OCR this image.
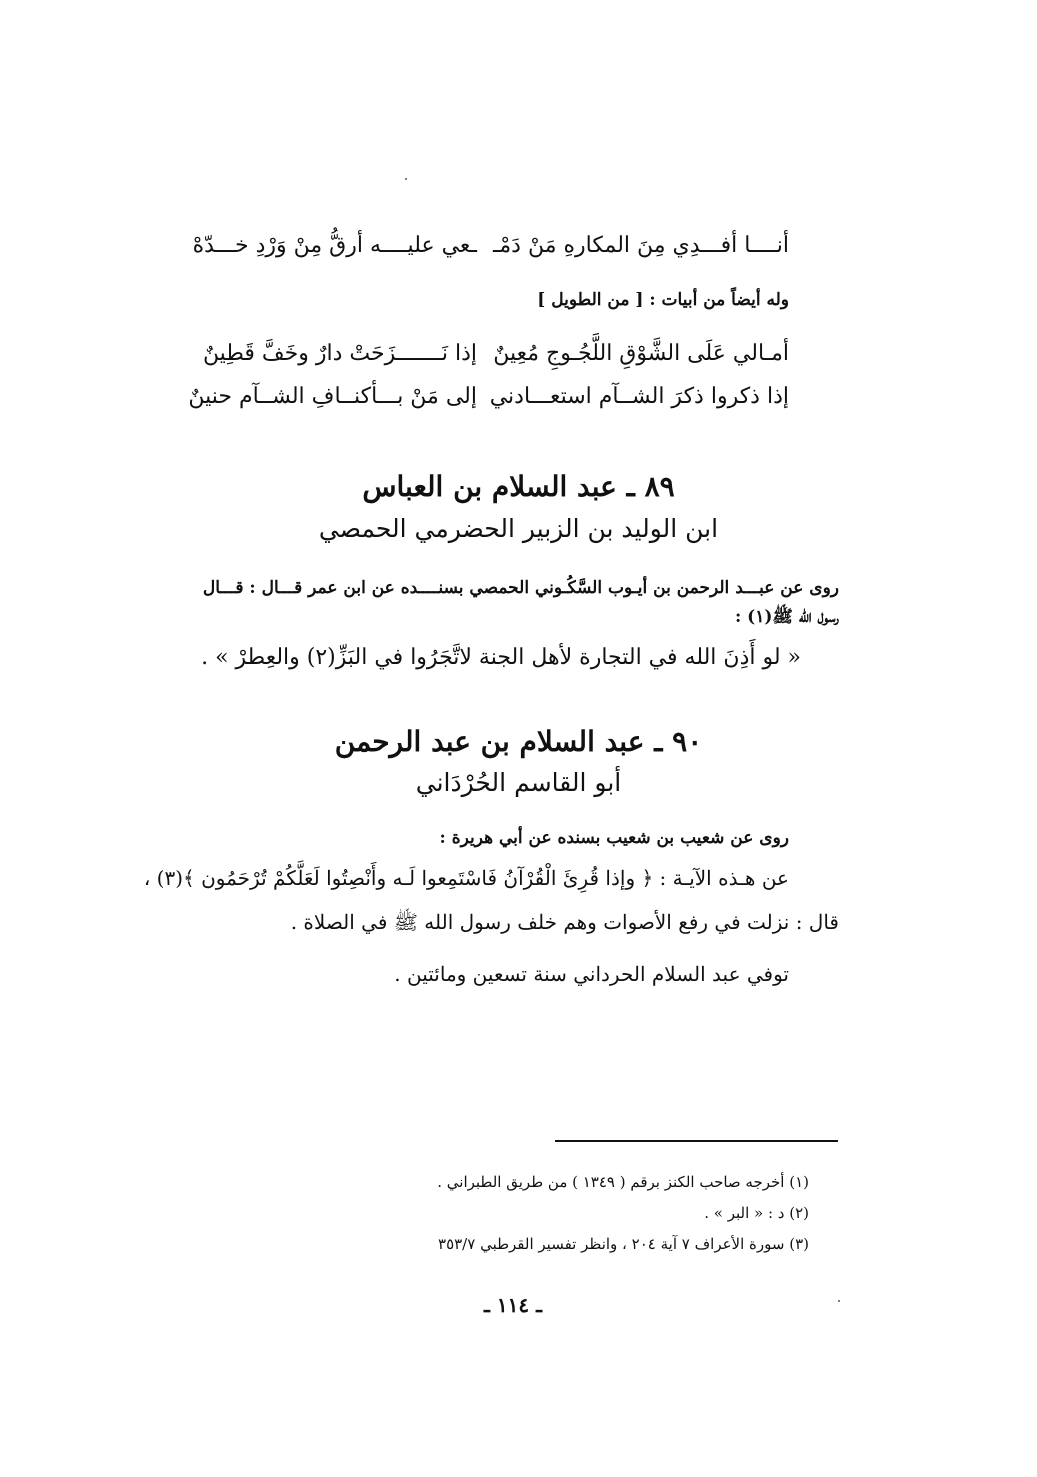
أنــــا أفـــدِي مِنَ المكارهِ مَنْ دَمْـ
ـعي عليــــه أرقُّ مِنْ وَرْدِ خـــدّهْ
وله أيضاً من أبيات : [ من الطويل ]
أمـالي عَلَى الشَّوْقِ اللَّجُـوجِ مُعِينٌ
إذا نَـــــــزَحَتْ دارٌ وخَفَّ قَطِينٌ
إذا ذكروا ذكرَ الشــآم استعـــادني
إلى مَنْ بـــأكنــافِ الشــآم حنينٌ
٨٩ ـ عبد السلام بن العباس
ابن الوليد بن الزبير الحضرمي الحمصي
روى عن عبـــد الرحمن بن أيـوب السَّكُـوني الحمصي بسنــــده عن ابن عمر قـــال : قـــال
رسول الله ﷺ(١) :
« لو أَذِنَ الله في التجارة لأهل الجنة لاتَّجَرُوا في البَزِّ(٢) والعِطرْ » .
٩٠ ـ عبد السلام بن عبد الرحمن
أبو القاسم الحُرْدَاني
روى عن شعيب بن شعيب بسنده عن أبي هريرة :
عن هـذه الآيـة : ﴿ وإذا قُرِئَ الْقُرْآنُ فَاسْتَمِعوا لَـه وأَنْصِتُوا لَعَلَّكُمْ تُرْحَمُون ﴾(٣) ،
قال : نزلت في رفع الأصوات وهم خلف رسول الله ﷺ في الصلاة .
توفي عبد السلام الحرداني سنة تسعين ومائتين .
(١) أخرجه صاحب الكنز برقم ( ١٣٤٩ ) من طريق الطبراني .
(٢) د : « البر » .
(٣) سورة الأعراف ٧ آية ٢٠٤ ، وانظر تفسير القرطبي ٣٥٣/٧
ـ ١١٤ ـ
